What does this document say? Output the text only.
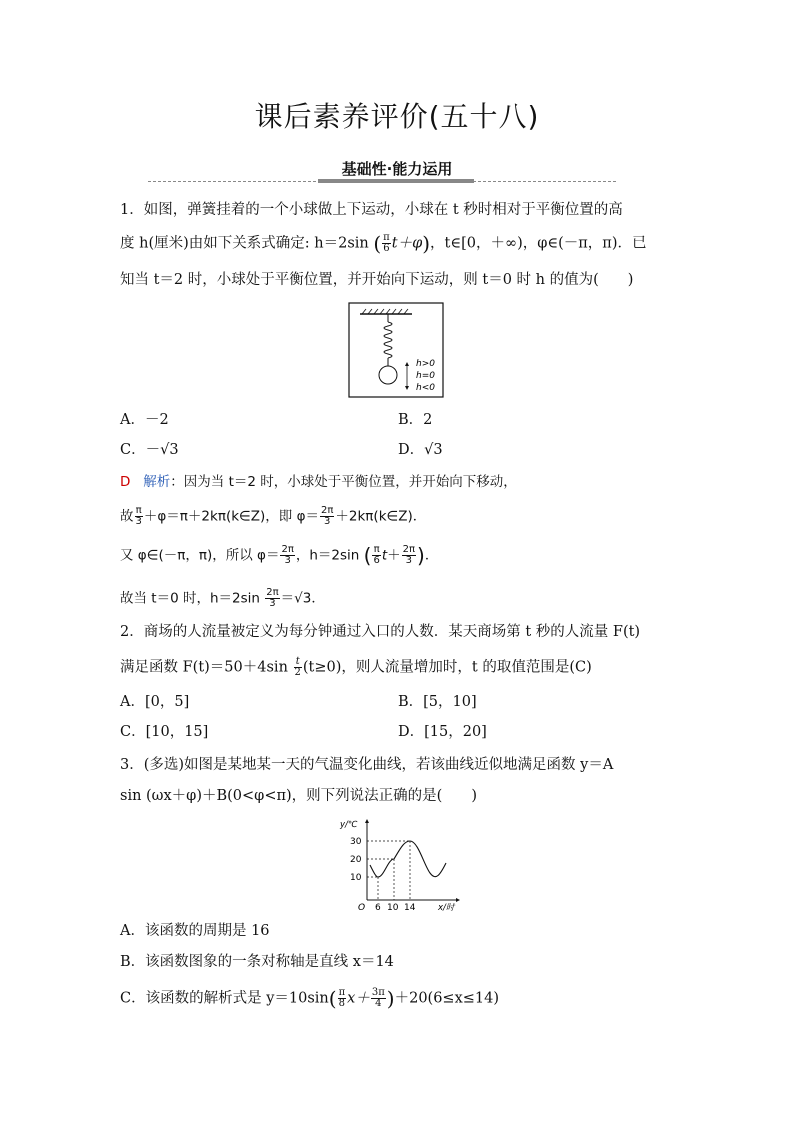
课后素养评价(五十八)
基础性·能力运用
1．如图，弹簧挂着的一个小球做上下运动，小球在 t 秒时相对于平衡位置的高
度 h(厘米)由如下关系式确定: h＝2sin ( $\frac{\pi}{6} t+\varphi$)，t∈[0，＋∞)，φ∈(－π，π)．已
知当 t＝2 时，小球处于平衡位置，并开始向下运动，则 t＝0 时 h 的值为(　　)
h>0
h=0
h<0
A．－2	B．2
C．－√3	D．√3
D 解析：因为当 t＝2 时，小球处于平衡位置，并开始向下移动，
故 $\frac{\pi}{3}$ ＋φ＝π＋2kπ(k∈Z)，即 $\varphi= \frac{2\pi}{3}$ ＋2kπ(k∈Z)．
又 φ∈(－π，π)，所以 $\varphi= \frac{2\pi}{3}$ ，h＝2sin ( $\frac{\pi}{6} t+ \frac{2\pi}{3}$ )．
故当 t＝0 时，$h=2\sin \frac{2\pi}{3} =√3$．
2．商场的人流量被定义为每分钟通过入口的人数．某天商场第 t 秒的人流量 F(t)
满足函数 $F(t)=50+4\sin \frac{t}{2} (t\ge 0)$，则人流量增加时，t 的取值范围是(C)
A．[0，5]	B．[5，10]
C．[10，15]	D．[15，20]
3．(多选)如图是某地某一天的气温变化曲线，若该曲线近似地满足函数 y＝A
sin (ωx＋φ)＋B(0<φ<π)，则下列说法正确的是(　　)
y/℃
x/时
O
30
20
10
6 10 14
A．该函数的周期是 16
B．该函数图象的一条对称轴是直线 x＝14
C．该函数的解析式是 $y=10\sin( \frac{\pi}{8} x+ \frac{3\pi}{4} )+20(6\le x\le 14)$
